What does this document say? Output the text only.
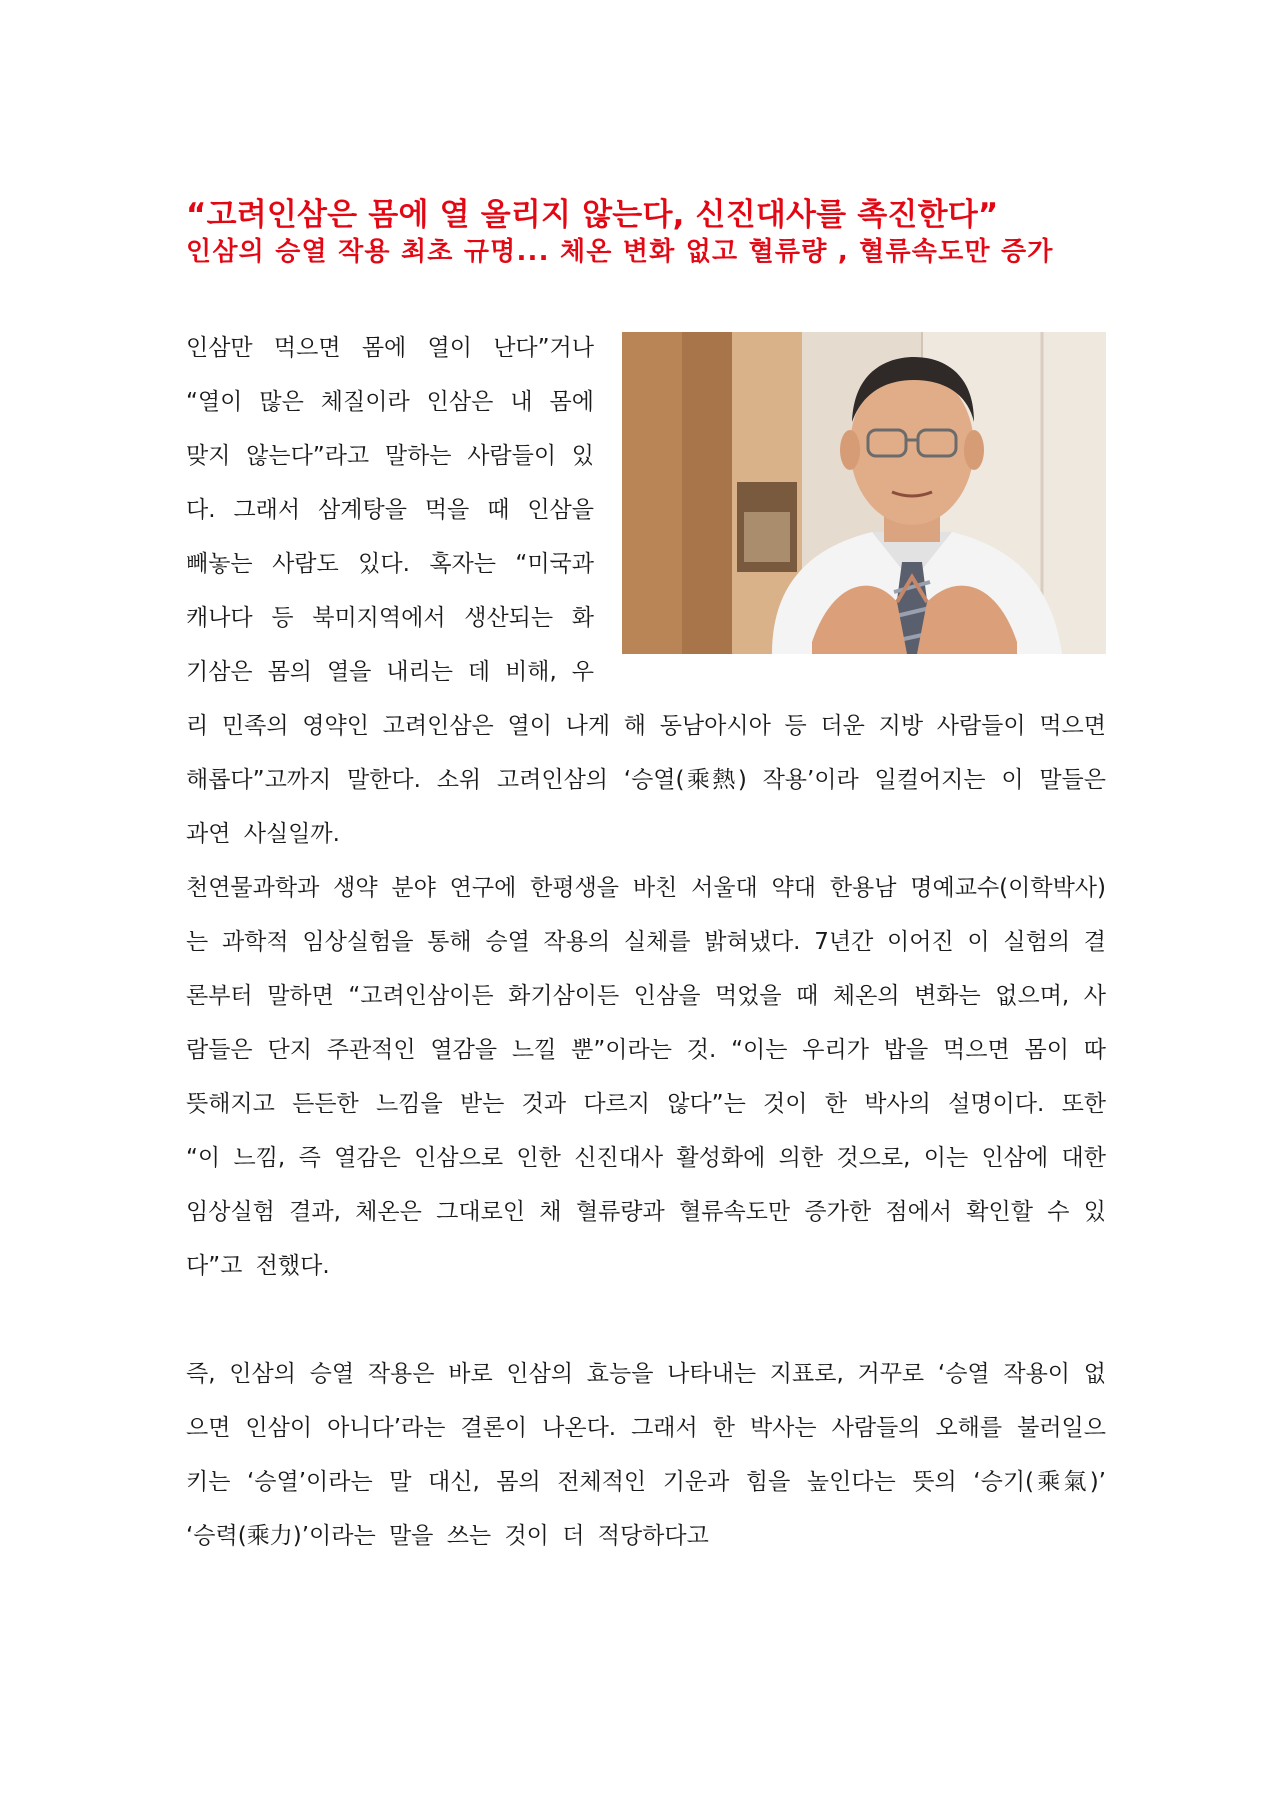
“고려인삼은 몸에 열 올리지 않는다, 신진대사를 촉진한다”
인삼의 승열 작용 최초 규명... 체온 변화 없고 혈류량 , 혈류속도만 증가

인삼만 먹으면 몸에 열이 난다”거나 “열이 많은 체질이라 인삼은 내 몸에 맞지 않는다”라고 말하는 사람들이 있다. 그래서 삼계탕을 먹을 때 인삼을 빼놓는 사람도 있다. 혹자는 “미국과 캐나다 등 북미지역에서 생산되는 화기삼은 몸의 열을 내리는 데 비해, 우리 민족의 영약인 고려인삼은 열이 나게 해 동남아시아 등 더운 지방 사람들이 먹으면 해롭다”고까지 말한다. 소위 고려인삼의 ‘승열(乘熱) 작용’이라 일컬어지는 이 말들은 과연 사실일까.

천연물과학과 생약 분야 연구에 한평생을 바친 서울대 약대 한용남 명예교수(이학박사)는 과학적 임상실험을 통해 승열 작용의 실체를 밝혀냈다. 7년간 이어진 이 실험의 결론부터 말하면 “고려인삼이든 화기삼이든 인삼을 먹었을 때 체온의 변화는 없으며, 사람들은 단지 주관적인 열감을 느낄 뿐”이라는 것. “이는 우리가 밥을 먹으면 몸이 따뜻해지고 든든한 느낌을 받는 것과 다르지 않다”는 것이 한 박사의 설명이다. 또한 “이 느낌, 즉 열감은 인삼으로 인한 신진대사 활성화에 의한 것으로, 이는 인삼에 대한 임상실험 결과, 체온은 그대로인 채 혈류량과 혈류속도만 증가한 점에서 확인할 수 있다”고 전했다.

즉, 인삼의 승열 작용은 바로 인삼의 효능을 나타내는 지표로, 거꾸로 ‘승열 작용이 없으면 인삼이 아니다’라는 결론이 나온다. 그래서 한 박사는 사람들의 오해를 불러일으키는 ‘승열’이라는 말 대신, 몸의 전체적인 기운과 힘을 높인다는 뜻의 ‘승기(乘氣)’ ‘승력(乘力)’이라는 말을 쓰는 것이 더 적당하다고
